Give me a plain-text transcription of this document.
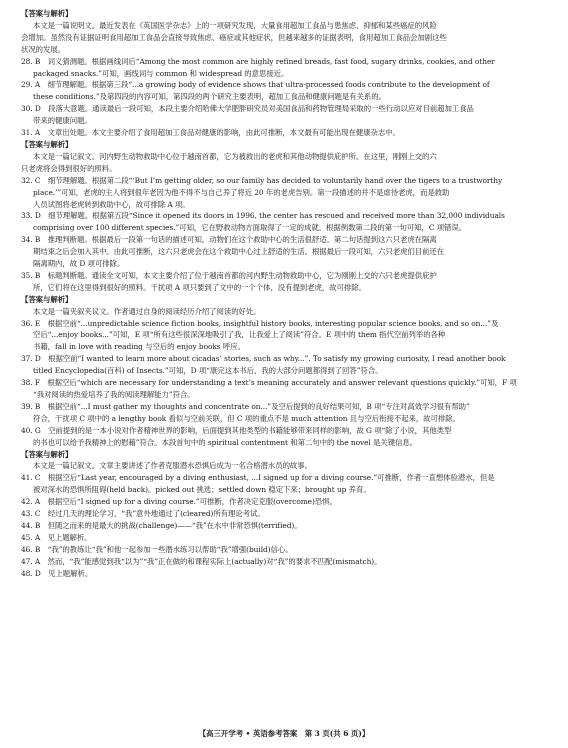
【答案与解析】
本文是一篇说明文。最近发表在《英国医学杂志》上的一项研究发现，大量食用超加工食品与患焦虑、抑郁和某些癌症的风险
会增加。虽然没有证据证明食用超加工食品会直接导致焦虑、癌症或其他症状，但越来越多的证据表明，食用超加工食品会加剧这些
状况的发展。
28. B　词义猜测题。根据画线词后“Among the most common are highly refined breads, fast food, sugary drinks, cookies, and other
packaged snacks.”可知，画线词与 common 和 widespread 的意思接近。
29. A　细节理解题。根据第三段“...a growing body of evidence shows that ultra-processed foods contribute to the development of
these conditions.”及第四段的内容可知，第四段的两个研究主要表明，超加工食品和健康问题是有关系的。
30. D　段落大意题。通读最后一段可知，本段主要介绍哈佛大学肥胖研究员对美国食品和药物管理局采取的一些行动以应对目前超加工食品
带来的健康问题。
31. A　文章出处题。本文主要介绍了食用超加工食品对健康的影响，由此可推断，本文最有可能出现在健康杂志中。
【答案与解析】
本文是一篇记叙文。河内野生动物救助中心位于越南首都，它为被救出的老虎和其他动物提供庇护所。在这里，刚刚上交的六
只老虎将会得到很好的照料。
32. C　细节理解题。根据第二段“‘But I’m getting older, so our family has decided to voluntarily hand over the tigers to a trustworthy
place.’”可知，老虎的主人将到很年老因为他不得不与自己养了将近 20 年的老虎告别。第一段描述的并不是虐待老虎，而是救助
人员试图将老虎转到救助中心，故可排除 A 项。
33. D　细节理解题。根据第五段“Since it opened its doors in 1996, the center has rescued and received more than 32,000 individuals
comprising over 100 different species.”可知，它在野救动物方面取得了一定的成就。根据例数第二段的第一句可知，C 项错误。
34. B　推理判断题。根据最后一段第一句话的描述可知，动物们在这个救助中心的生活很舒适。第二句话提到这六只老虎在隔离
期结束之后会加入其中。由此可推断，这六只老虎会在这个救助中心过上舒适的生活。根据最后一段可知，六只老虎们目前还在
隔离期内，故 D 项可排除。
35. B　标题判断题。通读全文可知，本文主要介绍了位于越南首都的河内野生动物救助中心，它为刚刚上交的六只老虎提供庇护
所，它们将在这里得到很好的照料。干扰项 A 项只要到了文中的一个个体，没有提到老虎，故可排除。
【答案与解析】
本文是一篇夹叙夹议文。作者通过自身的阅读经历介绍了阅读的好处。
36. E　根据空前“...unpredictable science fiction books, insightful history books, interesting popular science books, and so on...”及
空后“...enjoy books...”可知，E 项“所有这些很深深地吸引了我，让我爱上了阅读”符合。E 项中的 them 指代空前列举的各种
书籍，fall in love with reading 与空后的 enjoy books 呼应。
37. D　根据空前“I wanted to learn more about cicadas’ stories, such as why...”. To satisfy my growing curiosity, I read another book
titled Encyclopedia(百科) of Insects.”可知，D 项“康完这本书后，我的大部分问题都得到了回答”符合。
38. F　根据空后“which are necessary for understanding a text’s meaning accurately and answer relevant questions quickly.”可知，F 项
“我对阅读的热爱培养了我的阅读理解能力”符合。
39. B　根据空前“...I must gather my thoughts and concentrate on...”及空后提到的良好结果可知，B 项“专注对高效学习很有帮助”
符合，干扰项 C 项中的 a lengthy book 看似与空前关联，但 C 项的重点不是 much attention 且与空后衔接不起来，故可排除。
40. G　空前提到的是一本小说对作者精神世界的影响，后面提到其他类型的书籍能够带来同样的影响，故 G 项“除了小说，其他类型
的书也可以给予我精神上的慰藉”符合。本段首句中的 spiritual contentment 和第二句中的 the novel 是关键信息。
【答案与解析】
本文是一篇记叙文。文章主要讲述了作者克服潜水恐惧后成为一名合格潜水员的故事。
41. C　根据空后“Last year, encouraged by a diving enthusiast, ...I signed up for a diving course.”可推断，作者一直想体验潜水，但是
被对深水的恐惧所阻碍(held back)。picked out 挑选；settled down 稳定下来；brought up 养育。
42. A　根据空后“I signed up for a diving course.”可推断，作者决定克服(overcome)恐惧。
43. C　经过几天的理论学习，“我”意外地通过了(cleared)所有理论考试。
44. B　但随之而来的是最大的挑战(challenge)——“我”在水中非常恐惧(terrified)。
45. A　见上题解析。
46. B　“我”的教练让“我”和他一起参加一些潜水练习以帮助“我”增强(build)信心。
47. A　然而，“我”能感觉到我“以为”“我”正在做的和课程实际上(actually)对“我”的要求不匹配(mismatch)。
48. D　见上题解析。
【高三开学考 • 英语参考答案　第 3 页(共 6 页)】
